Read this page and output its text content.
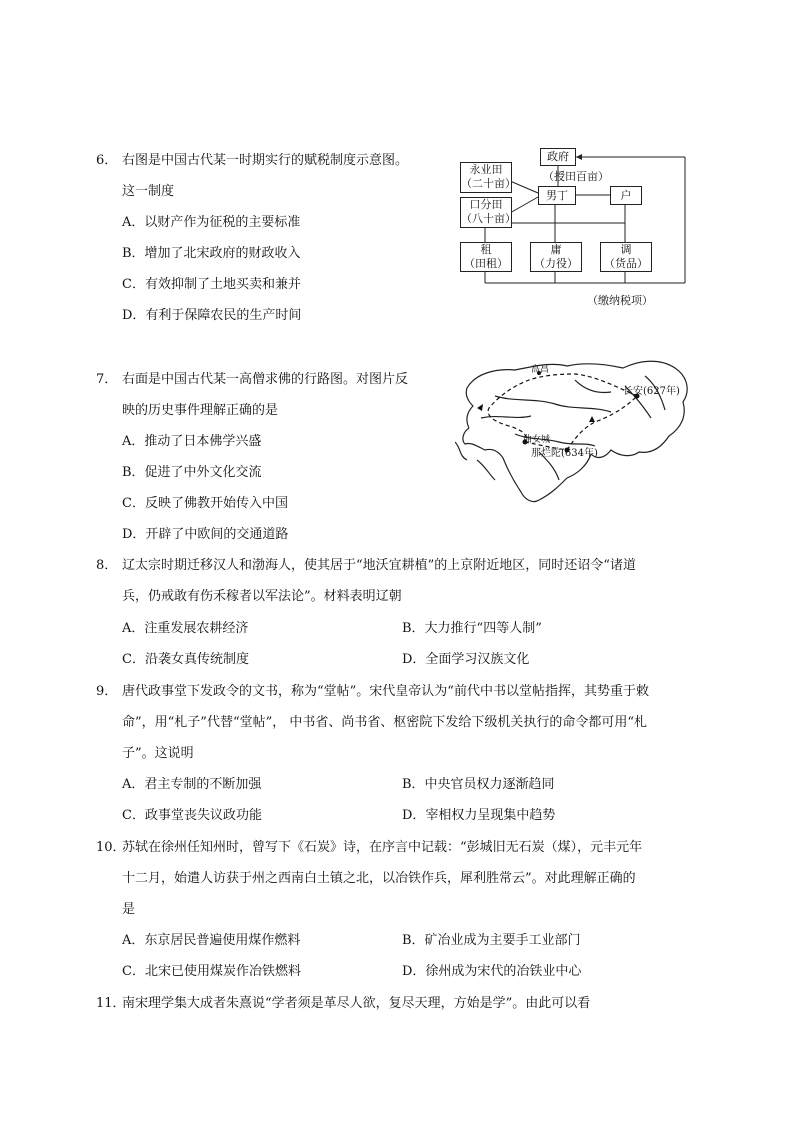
6． 右图是中国古代某一时期实行的赋税制度示意图。
这一制度
A．以财产作为征税的主要标准
B．增加了北宋政府的财政收入
C．有效抑制了土地买卖和兼并
D．有利于保障农民的生产时间
政府
（授田百亩）
永业田
（二十亩）
口分田
（八十亩）
男丁	户
租
（田租）
庸
（力役）
调
（货品）
（缴纳税项）
7． 右面是中国古代某一高僧求佛的行路图。对图片反
映的历史事件理解正确的是
A．推动了日本佛学兴盛
B．促进了中外文化交流
C．反映了佛教开始传入中国
D．开辟了中欧间的交通道路
高昌
长安(627年)
曲女城
那烂陀(634年)
8． 辽太宗时期迁移汉人和渤海人，使其居于“地沃宜耕植”的上京附近地区，同时还诏令“诸道
兵，仍戒敢有伤禾稼者以军法论”。材料表明辽朝
A．注重发展农耕经济	B．大力推行“四等人制”
C．沿袭女真传统制度	D．全面学习汉族文化
9． 唐代政事堂下发政令的文书，称为“堂帖”。宋代皇帝认为“前代中书以堂帖指挥，其势重于敕
命”，用“札子”代替“堂帖”， 中书省、尚书省、枢密院下发给下级机关执行的命令都可用“札
子”。这说明
A．君主专制的不断加强	B．中央官员权力逐渐趋同
C．政事堂丧失议政功能	D．宰相权力呈现集中趋势
10．苏轼在徐州任知州时，曾写下《石炭》诗，在序言中记载：“彭城旧无石炭（煤），元丰元年
十二月，始遣人访获于州之西南白土镇之北，以冶铁作兵，犀利胜常云”。对此理解正确的
是
A．东京居民普遍使用煤作燃料	B．矿冶业成为主要手工业部门
C．北宋已使用煤炭作冶铁燃料	D．徐州成为宋代的冶铁业中心
11．南宋理学集大成者朱熹说“学者须是革尽人欲，复尽天理，方始是学”。由此可以看
